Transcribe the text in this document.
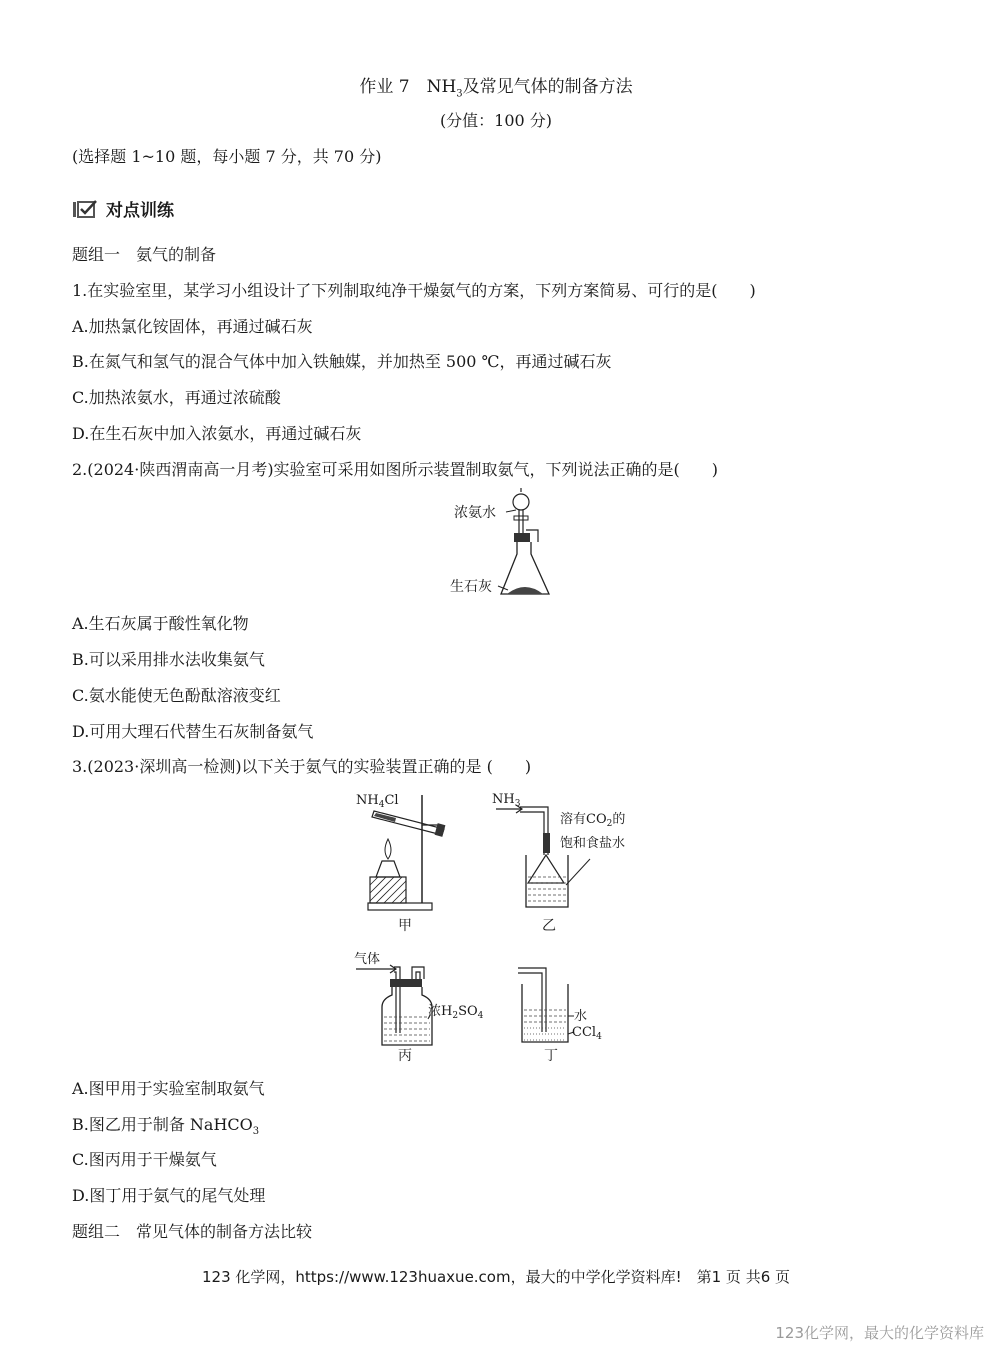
作业 7　$NH_3$及常见气体的制备方法
(分值：100 分)
(选择题 1~10 题，每小题 7 分，共 70 分)
对点训练
题组一　氨气的制备
1.在实验室里，某学习小组设计了下列制取纯净干燥氨气的方案，下列方案简易、可行的是(　　)
A.加热氯化铵固体，再通过碱石灰
B.在氮气和氢气的混合气体中加入铁触媒，并加热至 500 ℃，再通过碱石灰
C.加热浓氨水，再通过浓硫酸
D.在生石灰中加入浓氨水，再通过碱石灰
2.(2024·陕西渭南高一月考)实验室可采用如图所示装置制取氨气，下列说法正确的是(　　)
浓氨水
生石灰
A.生石灰属于酸性氧化物
B.可以采用排水法收集氨气
C.氨水能使无色酚酞溶液变红
D.可用大理石代替生石灰制备氨气
3.(2023·深圳高一检测)以下关于氨气的实验装置正确的是 (　　)
$NH_4Cl$
甲
$NH_3$
溶有$CO_2$的
饱和食盐水
乙
气体
浓$H_2SO_4$
丙
水
CCl$_4$
丁
A.图甲用于实验室制取氨气
B.图乙用于制备 NaHCO$_3$
C.图丙用于干燥氨气
D.图丁用于氨气的尾气处理
题组二　常见气体的制备方法比较
123 化学网，https://www.123huaxue.com，最大的中学化学资料库!　第1 页 共6 页
123化学网，最大的化学资料库
